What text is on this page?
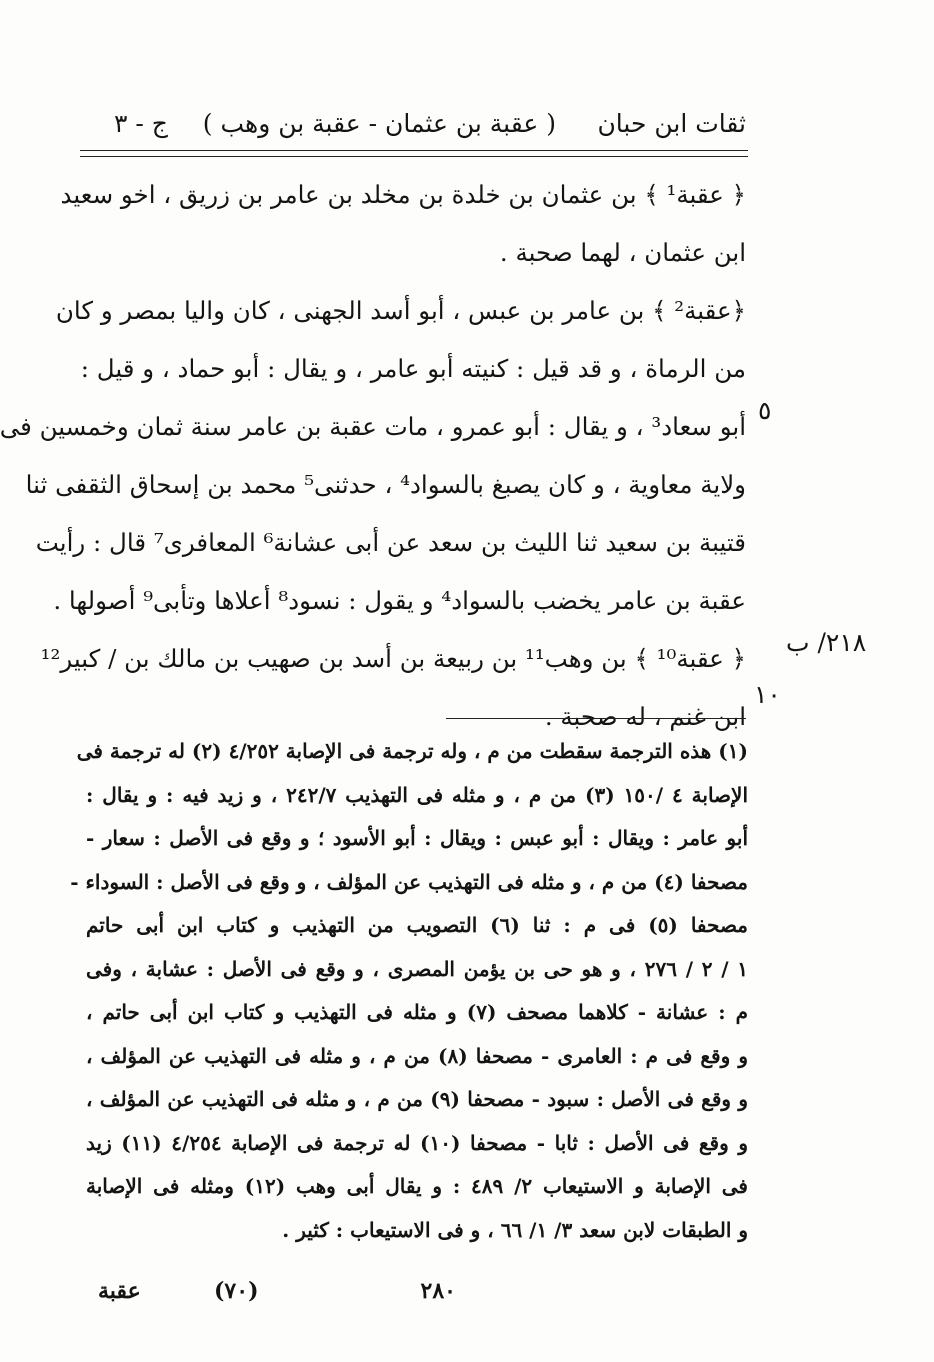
ثقات ابن حبان
( عقبة بن عثمان - عقبة بن وهب )
ج - ٣
﴿ عقبة¹ ﴾ بن عثمان بن خلدة بن مخلد بن عامر بن زريق ، اخو سعيد
ابن عثمان ، لهما صحبة .
﴿عقبة² ﴾ بن عامر بن عبس ، أبو أسد الجهنى ، كان واليا بمصر و كان
من الرماة ، و قد قيل : كنيته أبو عامر ، و يقال : أبو حماد ، و قيل :
أبو سعاد³ ، و يقال : أبو عمرو ، مات عقبة بن عامر سنة ثمان وخمسين فى
ولاية معاوية ، و كان يصبغ بالسواد⁴ ، حدثنى⁵ محمد بن إسحاق الثقفى ثنا
قتيبة بن سعيد ثنا الليث بن سعد عن أبى عشانة⁶ المعافرى⁷ قال : رأيت
عقبة بن عامر يخضب بالسواد⁴ و يقول : نسود⁸ أعلاها وتأبى⁹ أصولها .
﴿ عقبة¹⁰ ﴾ بن وهب¹¹ بن ربيعة بن أسد بن صهيب بن مالك بن / كبير¹²
ابن غنم ، له صحبة .
٥
١٠
٢١٨/ ب
(١) هذه الترجمة سقطت من م ، وله ترجمة فى الإصابة ٤/٢٥٢ (٢) له ترجمة فى
الإصابة ٤ /١٥٠ (٣) من م ، و مثله فى التهذيب ٢٤٢/٧ ، و زيد فيه : و يقال :
أبو عامر : ويقال : أبو عبس : ويقال : أبو الأسود ؛ و وقع فى الأصل : سعار -
مصحفا (٤) من م ، و مثله فى التهذيب عن المؤلف ، و وقع فى الأصل : السوداء -
مصحفا (٥) فى م : ثنا (٦) التصويب من التهذيب و كتاب ابن أبى حاتم
١ / ٢ / ٢٧٦ ، و هو حى بن يؤمن المصرى ، و وقع فى الأصل : عشابة ، وفى
م : عشانة - كلاهما مصحف (٧) و مثله فى التهذيب و كتاب ابن أبى حاتم ،
و وقع فى م : العامرى - مصحفا (٨) من م ، و مثله فى التهذيب عن المؤلف ،
و وقع فى الأصل : سبود - مصحفا (٩) من م ، و مثله فى التهذيب عن المؤلف ،
و وقع فى الأصل : ثابا - مصحفا (١٠) له ترجمة فى الإصابة ٤/٢٥٤ (١١) زيد
فى الإصابة و الاستيعاب ٢/ ٤٨٩ : و يقال أبى وهب (١٢) ومثله فى الإصابة
و الطبقات لابن سعد ٣/ ١/ ٦٦ ، و فى الاستيعاب : كثير .
٢٨٠
(٧٠)
عقبة
